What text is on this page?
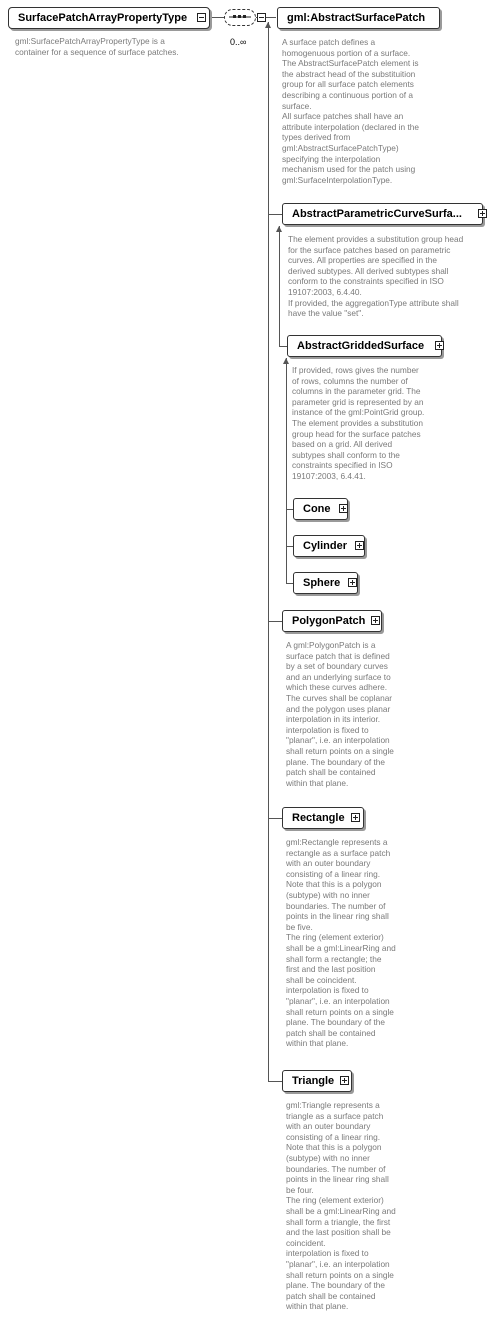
SurfacePatchArrayPropertyType
gml:SurfacePatchArrayPropertyType is a
container for a sequence of surface patches.
0..∞
gml:AbstractSurfacePatch
A surface patch defines a
homogenuous portion of a surface.
The AbstractSurfacePatch element is
the abstract head of the substituition
group for all surface patch elements
describing a continuous portion of a
surface.
All surface patches shall have an
attribute interpolation (declared in the
types derived from
gml:AbstractSurfacePatchType)
specifying the interpolation
mechanism used for the patch using
gml:SurfaceInterpolationType.
AbstractParametricCurveSurfa...
The element provides a substitution group head
for the surface patches based on parametric
curves. All properties are specified in the
derived subtypes. All derived subtypes shall
conform to the constraints specified in ISO
19107:2003, 6.4.40.
If provided, the aggregationType attribute shall
have the value "set".
AbstractGriddedSurface
If provided, rows gives the number
of rows, columns the number of
columns in the parameter grid. The
parameter grid is represented by an
instance of the gml:PointGrid group.
The element provides a substitution
group head for the surface patches
based on a grid. All derived
subtypes shall conform to the
constraints specified in ISO
19107:2003, 6.4.41.
Cone
Cylinder
Sphere
PolygonPatch
A gml:PolygonPatch is a
surface patch that is defined
by a set of boundary curves
and an underlying surface to
which these curves adhere.
The curves shall be coplanar
and the polygon uses planar
interpolation in its interior.
interpolation is fixed to
"planar", i.e. an interpolation
shall return points on a single
plane. The boundary of the
patch shall be contained
within that plane.
Rectangle
gml:Rectangle represents a
rectangle as a surface patch
with an outer boundary
consisting of a linear ring.
Note that this is a polygon
(subtype) with no inner
boundaries. The number of
points in the linear ring shall
be five.
The ring (element exterior)
shall be a gml:LinearRing and
shall form a rectangle; the
first and the last position
shall be coincident.
interpolation is fixed to
"planar", i.e. an interpolation
shall return points on a single
plane. The boundary of the
patch shall be contained
within that plane.
Triangle
gml:Triangle represents a
triangle as a surface patch
with an outer boundary
consisting of a linear ring.
Note that this is a polygon
(subtype) with no inner
boundaries. The number of
points in the linear ring shall
be four.
The ring (element exterior)
shall be a gml:LinearRing and
shall form a triangle, the first
and the last position shall be
coincident.
interpolation is fixed to
"planar", i.e. an interpolation
shall return points on a single
plane. The boundary of the
patch shall be contained
within that plane.
